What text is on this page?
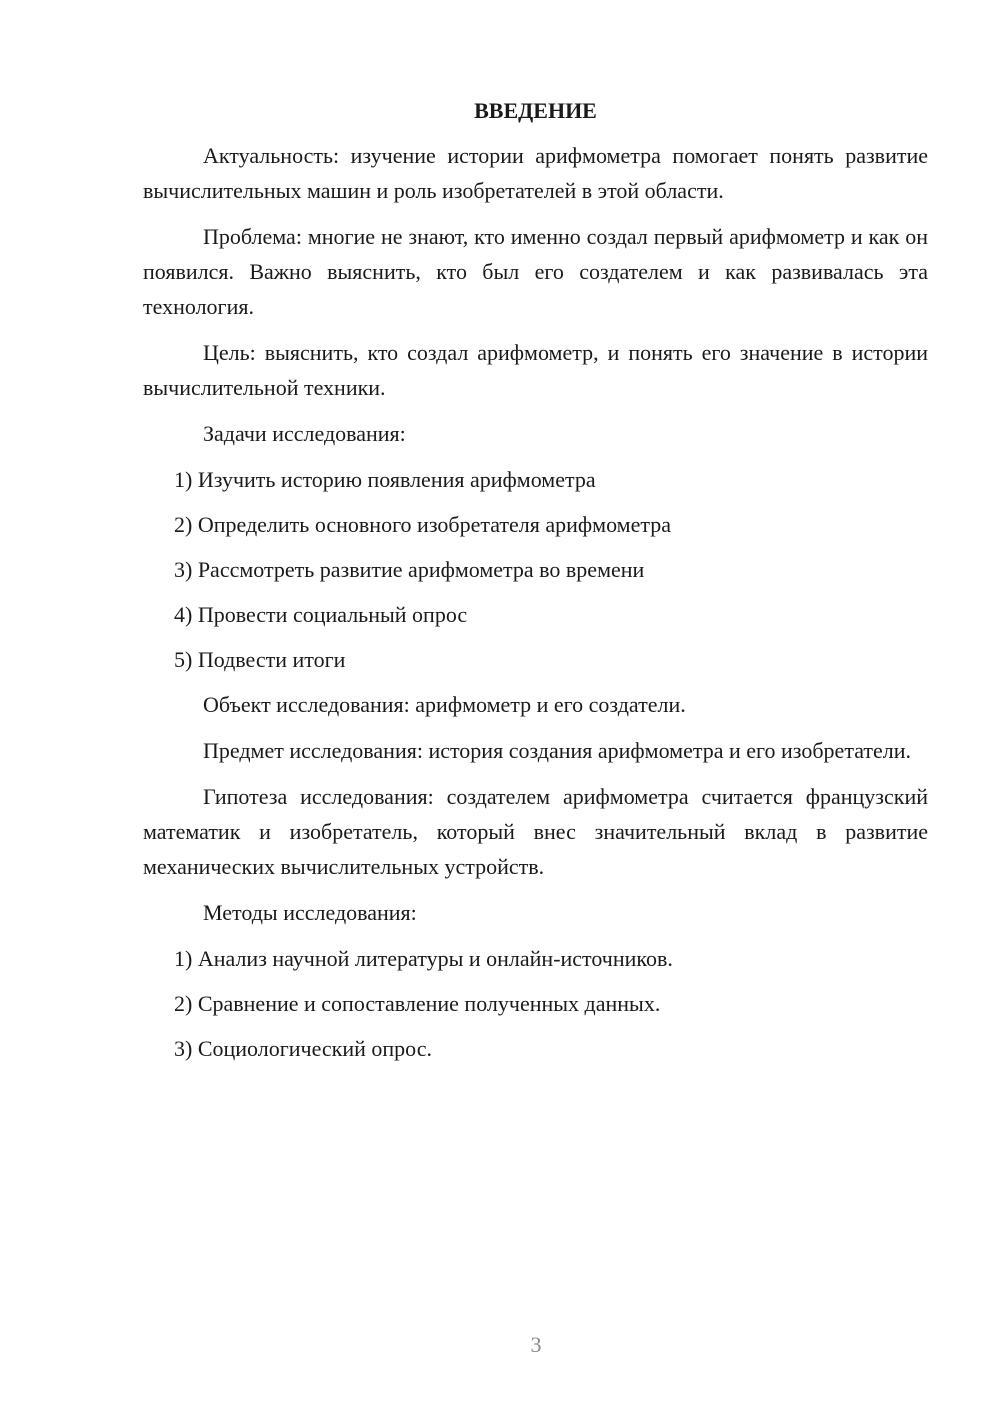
ВВЕДЕНИЕ

Актуальность: изучение истории арифмометра помогает понять развитие вычислительных машин и роль изобретателей в этой области.

Проблема: многие не знают, кто именно создал первый арифмометр и как он появился. Важно выяснить, кто был его создателем и как развивалась эта технология.

Цель: выяснить, кто создал арифмометр, и понять его значение в истории вычислительной техники.

Задачи исследования:

1) Изучить историю появления арифмометра
2) Определить основного изобретателя арифмометра
3) Рассмотреть развитие арифмометра во времени
4) Провести социальный опрос
5) Подвести итоги

Объект исследования: арифмометр и его создатели.

Предмет исследования: история создания арифмометра и его изобретатели.

Гипотеза исследования: создателем арифмометра считается французский математик и изобретатель, который внес значительный вклад в развитие механических вычислительных устройств.

Методы исследования:

1) Анализ научной литературы и онлайн-источников.
2) Сравнение и сопоставление полученных данных.
3) Социологический опрос.
3
